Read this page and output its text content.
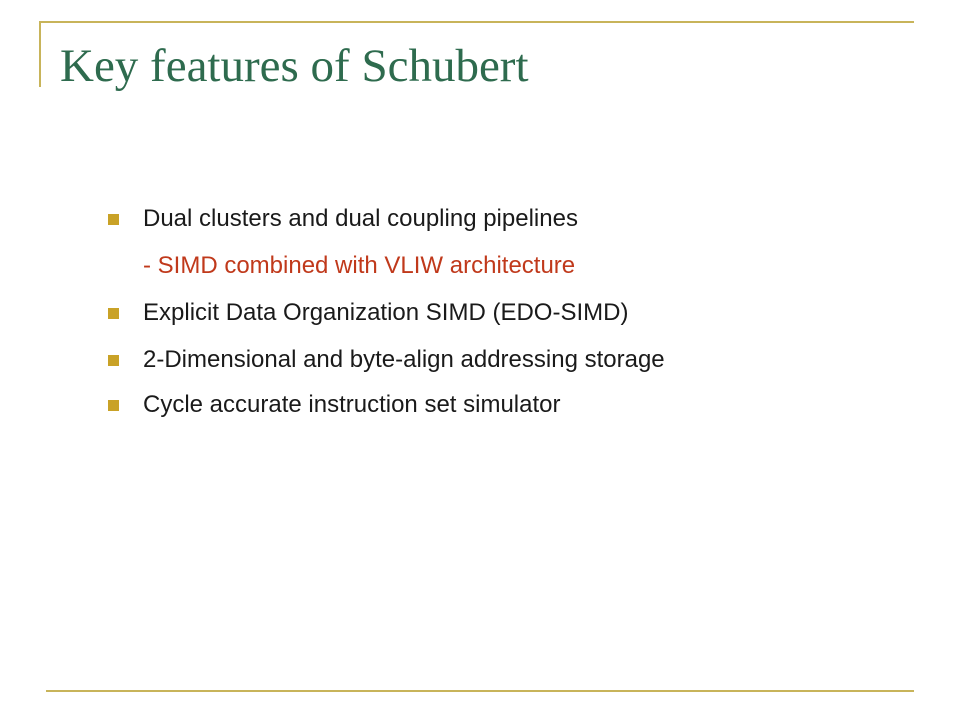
Key features of Schubert
Dual clusters and dual coupling pipelines
- SIMD combined with VLIW architecture
Explicit Data Organization SIMD (EDO-SIMD)
2-Dimensional and byte-align addressing storage
Cycle accurate instruction set simulator
